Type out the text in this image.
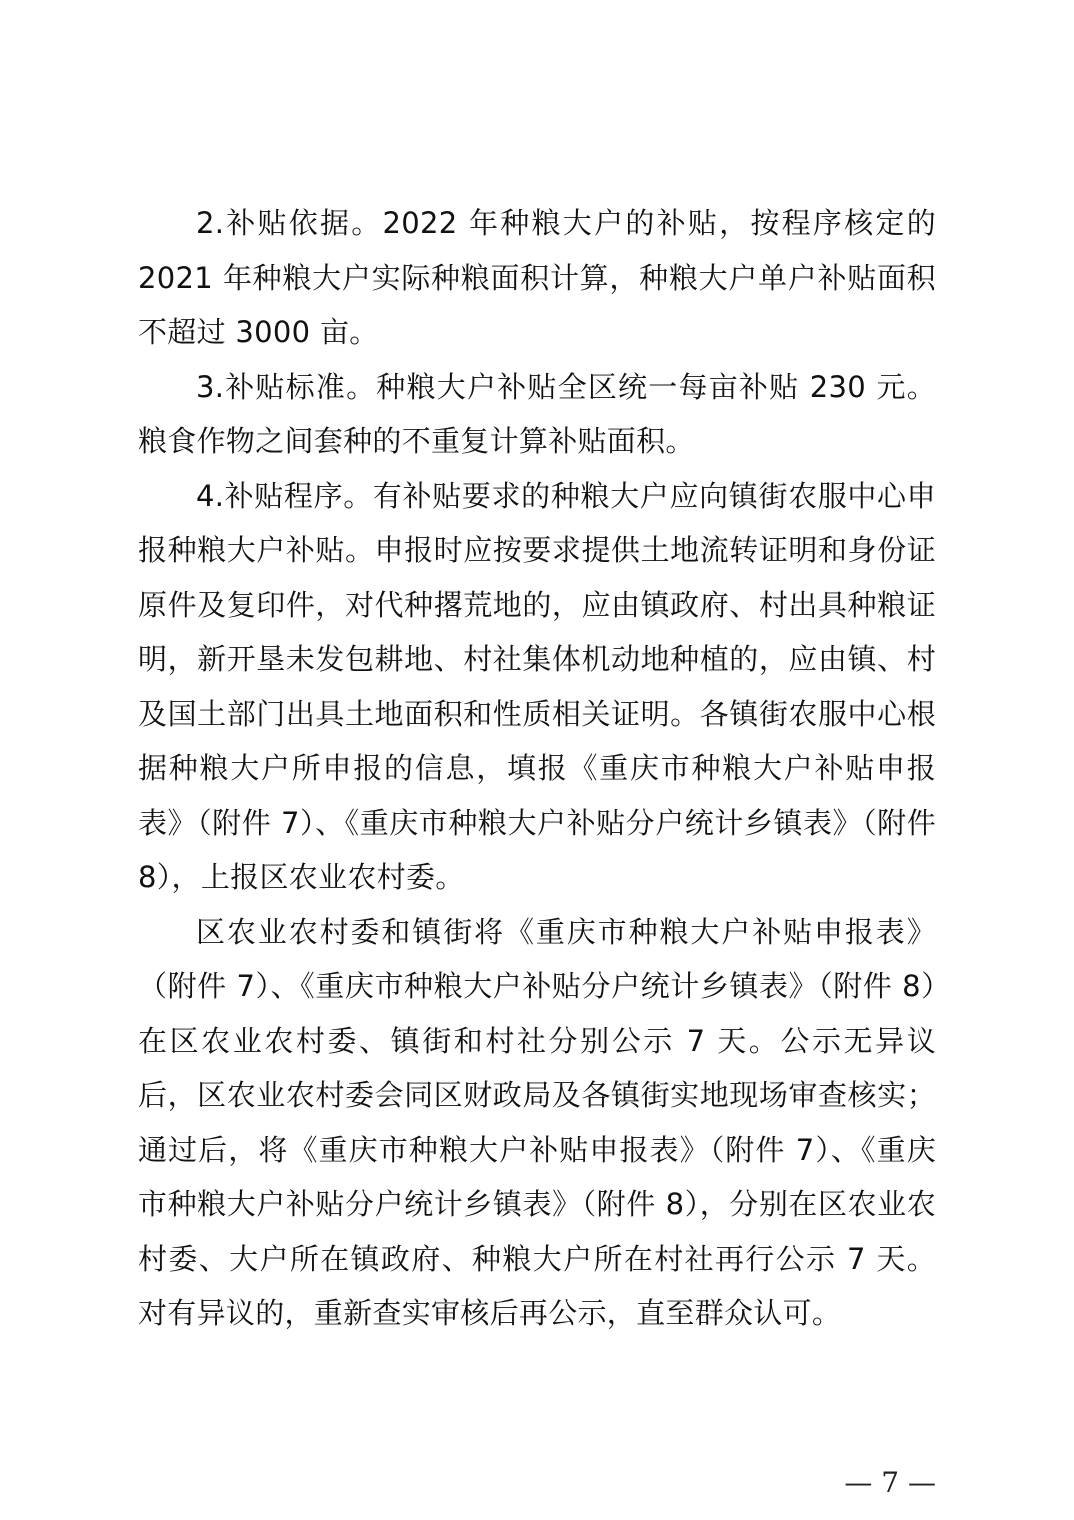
2.补贴依据。2022 年种粮大户的补贴，按程序核定的 2021 年种粮大户实际种粮面积计算，种粮大户单户补贴面积不超过 3000 亩。

3.补贴标准。种粮大户补贴全区统一每亩补贴 230 元。粮食作物之间套种的不重复计算补贴面积。

4.补贴程序。有补贴要求的种粮大户应向镇街农服中心申报种粮大户补贴。申报时应按要求提供土地流转证明和身份证原件及复印件，对代种撂荒地的，应由镇政府、村出具种粮证明，新开垦未发包耕地、村社集体机动地种植的，应由镇、村及国土部门出具土地面积和性质相关证明。各镇街农服中心根据种粮大户所申报的信息，填报《重庆市种粮大户补贴申报表》（附件 7）、《重庆市种粮大户补贴分户统计乡镇表》（附件 8），上报区农业农村委。

区农业农村委和镇街将《重庆市种粮大户补贴申报表》（附件 7）、《重庆市种粮大户补贴分户统计乡镇表》（附件 8）在区农业农村委、镇街和村社分别公示 7 天。公示无异议后，区农业农村委会同区财政局及各镇街实地现场审查核实；通过后，将《重庆市种粮大户补贴申报表》（附件 7）、《重庆市种粮大户补贴分户统计乡镇表》（附件 8），分别在区农业农村委、大户所在镇政府、种粮大户所在村社再行公示 7 天。对有异议的，重新查实审核后再公示，直至群众认可。

— 7 —
